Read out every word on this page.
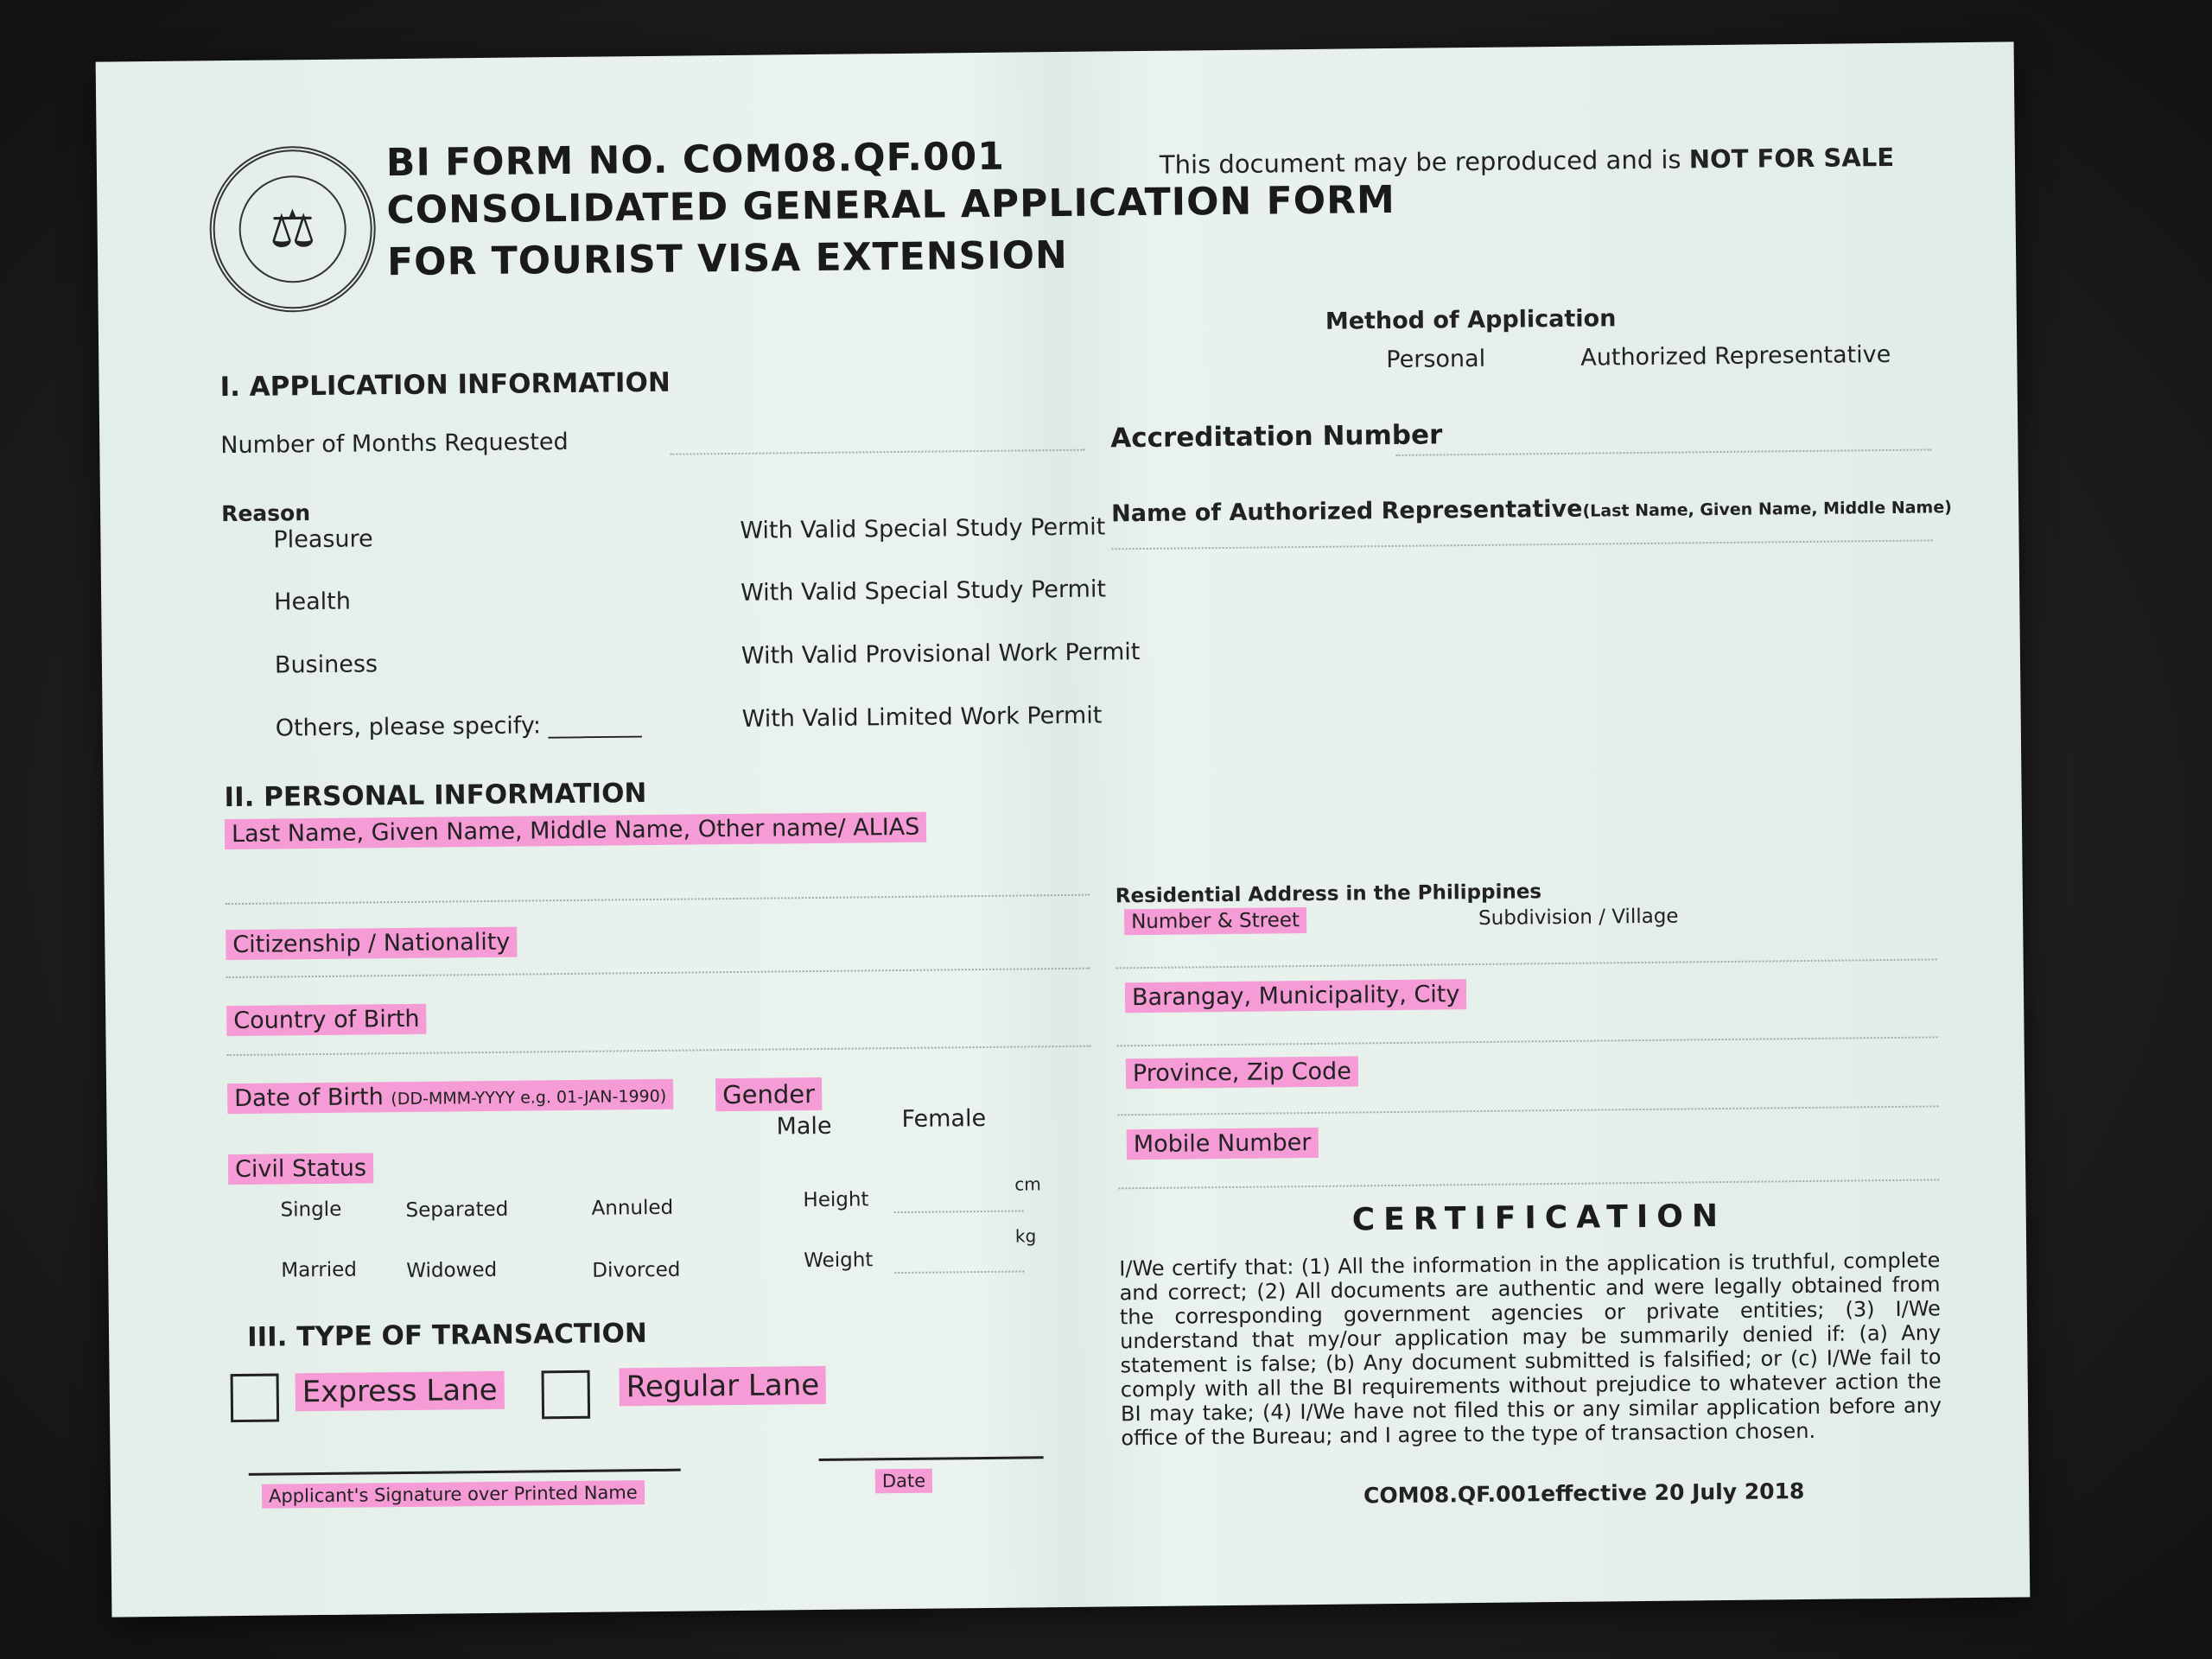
⚖
BI FORM NO. COM08.QF.001
CONSOLIDATED GENERAL APPLICATION FORM
FOR TOURIST VISA EXTENSION
This document may be reproduced and is NOT FOR SALE
Method of Application
Personal	Authorized Representative
Accreditation Number
Name of Authorized Representative(Last Name, Given Name, Middle Name)
I. APPLICATION INFORMATION
Number of Months Requested
Reason
Pleasure
Health
Business
Others, please specify: ________
With Valid Special Study Permit
With Valid Special Study Permit
With Valid Provisional Work Permit
With Valid Limited Work Permit
II. PERSONAL INFORMATION
Last Name, Given Name, Middle Name, Other name/ ALIAS
Citizenship / Nationality
Country of Birth
Date of Birth (DD-MMM-YYYY e.g. 01-JAN-1990) Gender
Male	Female
Civil Status
Single	Separated	Annuled
Married Widowed	Divorced
Height
cm
Weight
kg
III. TYPE OF TRANSACTION
Express Lane	Regular Lane
Applicant's Signature over Printed Name
Date
Residential Address in the Philippines
Number & Street	Subdivision / Village
Barangay, Municipality, City
Province, Zip Code
Mobile Number
CERTIFICATION
I/We certify that: (1) All the information in the application is truthful, complete and correct; (2) All documents are authentic and were legally obtained from the corresponding government agencies or private entities; (3) I/We understand that my/our application may be summarily denied if: (a) Any statement is false; (b) Any document submitted is falsified; or (c) I/We fail to comply with all the BI requirements without prejudice to whatever action the BI may take; (4) I/We have not filed this or any similar application before any office of the Bureau; and I agree to the type of transaction chosen.
COM08.QF.001effective 20 July 2018
